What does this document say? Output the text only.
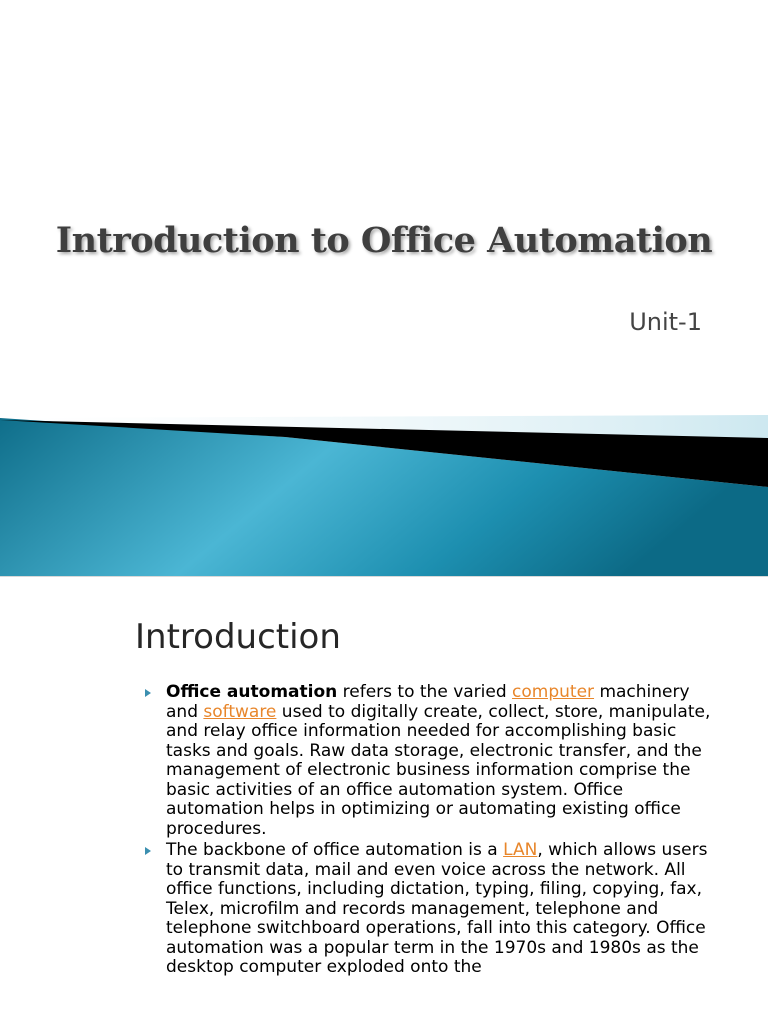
Introduction to Office Automation
Unit-1
Introduction
Office automation refers to the varied computer machinery and software used to digitally create, collect, store, manipulate, and relay office information needed for accomplishing basic tasks and goals. Raw data storage, electronic transfer, and the management of electronic business information comprise the basic activities of an office automation system. Office automation helps in optimizing or automating existing office procedures.
The backbone of office automation is a LAN, which allows users to transmit data, mail and even voice across the network. All office functions, including dictation, typing, filing, copying, fax, Telex, microfilm and records management, telephone and telephone switchboard operations, fall into this category. Office automation was a popular term in the 1970s and 1980s as the desktop computer exploded onto the
